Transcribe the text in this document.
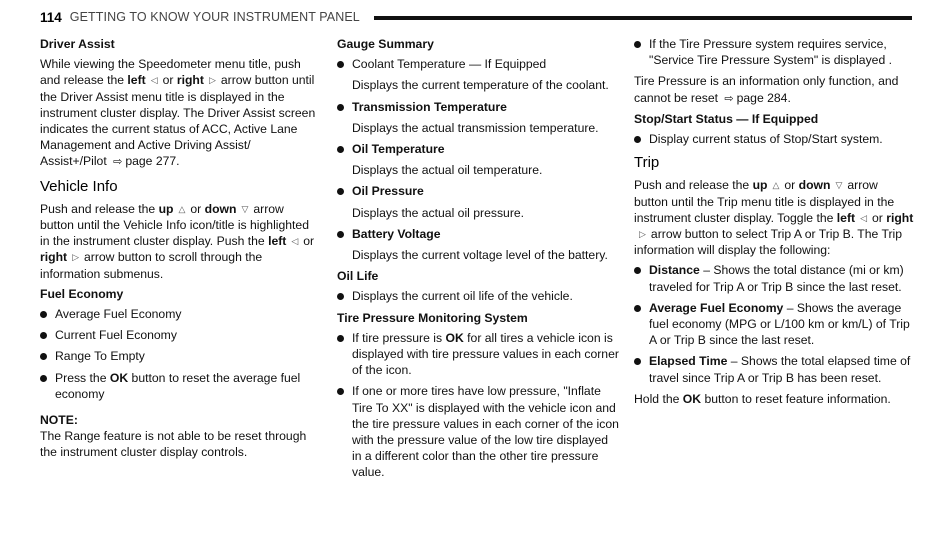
114 GETTING TO KNOW YOUR INSTRUMENT PANEL

Driver Assist

While viewing the Speedometer menu title, push and release the left ◁ or right ▷ arrow button until the Driver Assist menu title is displayed in the instrument cluster display. The Driver Assist screen indicates the current status of ACC, Active Lane Management and Active Driving Assist/ Assist+/Pilot ⇨ page 277.

Vehicle Info

Push and release the up △ or down ▽ arrow button until the Vehicle Info icon/title is highlighted in the instrument cluster display. Push the left ◁ or right ▷ arrow button to scroll through the information submenus.

Fuel Economy

Average Fuel Economy
Current Fuel Economy
Range To Empty
Press the OK button to reset the average fuel economy

NOTE:

The Range feature is not able to be reset through the instrument cluster display controls.

Gauge Summary

Coolant Temperature — If Equipped

Displays the current temperature of the coolant.

Transmission Temperature

Displays the actual transmission temperature.

Oil Temperature

Displays the actual oil temperature.

Oil Pressure

Displays the actual oil pressure.

Battery Voltage

Displays the current voltage level of the battery.

Oil Life

Displays the current oil life of the vehicle.

Tire Pressure Monitoring System

If tire pressure is OK for all tires a vehicle icon is displayed with tire pressure values in each corner of the icon.
If one or more tires have low pressure, "Inflate Tire To XX" is displayed with the vehicle icon and the tire pressure values in each corner of the icon with the pressure value of the low tire displayed in a different color than the other tire pressure value.
If the Tire Pressure system requires service, "Service Tire Pressure System" is displayed .

Tire Pressure is an information only function, and cannot be reset ⇨ page 284.

Stop/Start Status — If Equipped

Display current status of Stop/Start system.
Trip

Push and release the up △ or down ▽ arrow button until the Trip menu title is displayed in the instrument cluster display. Toggle the left ◁ or right▷ arrow button to select Trip A or Trip B. The Trip information will display the following:

Distance – Shows the total distance (mi or km) traveled for Trip A or Trip B since the last reset.
Average Fuel Economy – Shows the average fuel economy (MPG or L/100 km or km/L) of Trip A or Trip B since the last reset.
Elapsed Time – Shows the total elapsed time of travel since Trip A or Trip B has been reset.

Hold the OK button to reset feature information.
